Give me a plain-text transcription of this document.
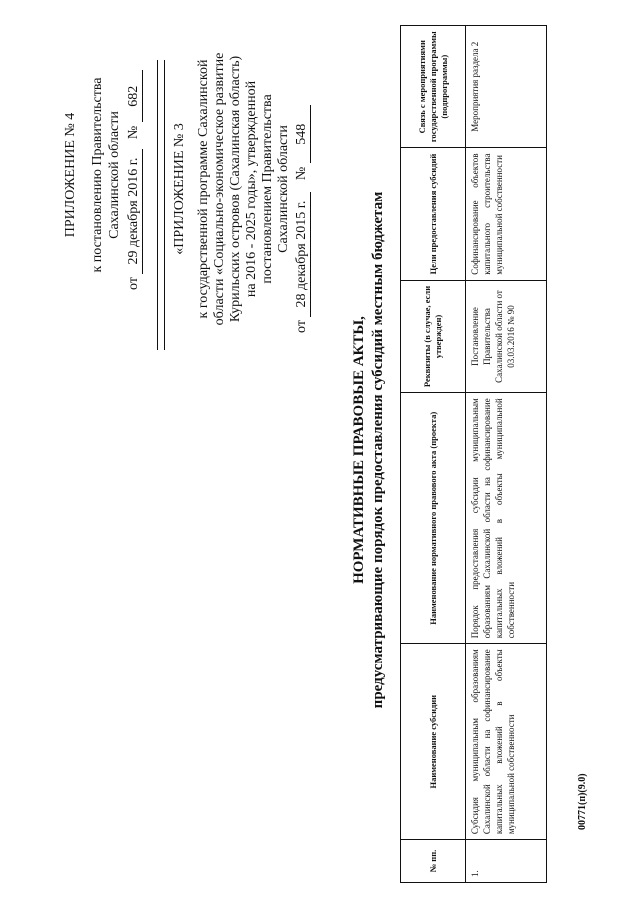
ПРИЛОЖЕНИЕ № 4 к постановлению Правительства Сахалинской области
от 29 декабря 2016 г. № 682
«ПРИЛОЖЕНИЕ № 3 к государственной программе Сахалинской области «Социально-экономическое развитие Курильских островов (Сахалинская область) на 2016 - 2025 годы», утвержденной постановлением Правительства Сахалинской области
от 28 декабря 2015 г. № 548
НОРМАТИВНЫЕ ПРАВОВЫЕ АКТЫ, предусматривающие порядок предоставления субсидий местным бюджетам
№ пп.	Наименование субсидии	Наименование нормативного правового акта (проекта)	Реквизиты (в случае, если утвержден)	Цели предоставления субсидий	Связь с мероприятиями государственной программы (подпрограммы)
1.	Субсидия муниципальным образованиям Сахалинской области на софинансирование капитальных вложений в объекты муниципальной собственности	Порядок предоставления субсидии муниципальным образованиям Сахалинской области на софинансирование капитальных вложений в объекты муниципальной собственности	Постановление Правительства Сахалинской области от 03.03.2016 № 90	Софинансирование объектов капитального строительства муниципальной собственности	Мероприятия раздела 2
00771(п)(9.0)
